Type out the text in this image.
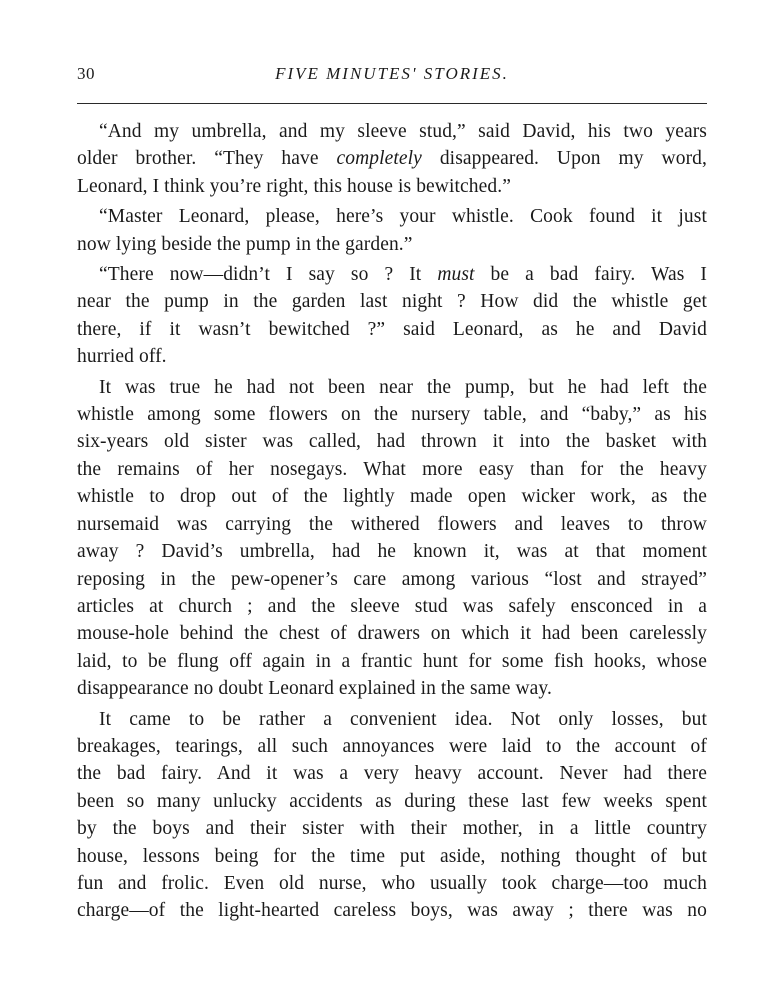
30	FIVE MINUTES' STORIES.
“And my umbrella, and my sleeve stud,” said David, his two years
older brother. “They have completely disappeared. Upon my word,
Leonard, I think you’re right, this house is bewitched.”
“Master Leonard, please, here’s your whistle. Cook found it just
now lying beside the pump in the garden.”
“There now—didn’t I say so ? It must be a bad fairy. Was I
near the pump in the garden last night ? How did the whistle get
there, if it wasn’t bewitched ?” said Leonard, as he and David
hurried off.
It was true he had not been near the pump, but he had left the
whistle among some flowers on the nursery table, and “baby,” as his
six-years old sister was called, had thrown it into the basket with
the remains of her nosegays. What more easy than for the heavy
whistle to drop out of the lightly made open wicker work, as the
nursemaid was carrying the withered flowers and leaves to throw
away ? David’s umbrella, had he known it, was at that moment
reposing in the pew-opener’s care among various “lost and strayed”
articles at church ; and the sleeve stud was safely ensconced in a
mouse-hole behind the chest of drawers on which it had been carelessly
laid, to be flung off again in a frantic hunt for some fish hooks, whose
disappearance no doubt Leonard explained in the same way.
It came to be rather a convenient idea. Not only losses, but
breakages, tearings, all such annoyances were laid to the account of
the bad fairy. And it was a very heavy account. Never had there
been so many unlucky accidents as during these last few weeks spent
by the boys and their sister with their mother, in a little country
house, lessons being for the time put aside, nothing thought of but
fun and frolic. Even old nurse, who usually took charge—too much
charge—of the light-hearted careless boys, was away ; there was no
